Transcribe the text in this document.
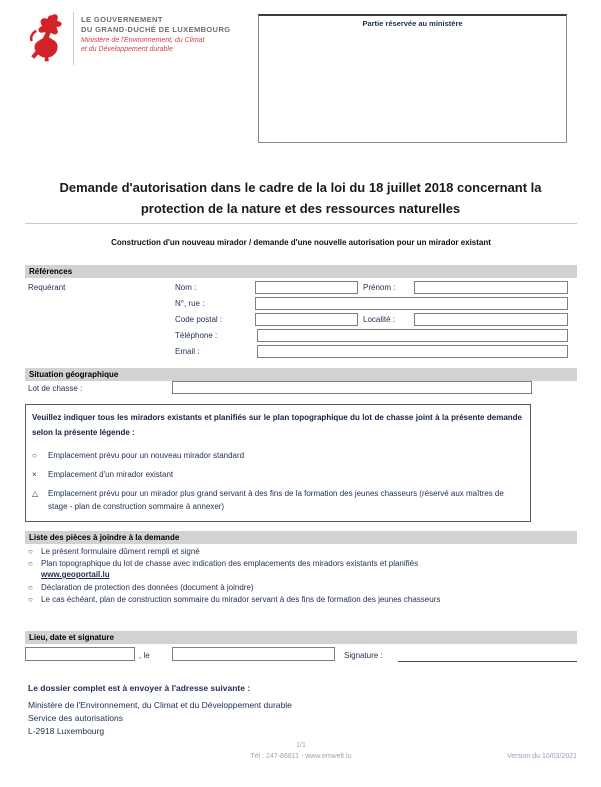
LE GOUVERNEMENT
DU GRAND-DUCHÉ DE LUXEMBOURG
Ministère de l'Environnement, du Climat
et du Développement durable
Partie réservée au ministère
Demande d'autorisation dans le cadre de la loi du 18 juillet 2018 concernant la protection de la nature et des ressources naturelles
Construction d'un nouveau mirador / demande d'une nouvelle autorisation pour un mirador existant
Références
Requérant	Nom :	Prénom :
N°, rue :
Code postal :	Localité :
Téléphone :
Email :
Situation géographique
Lot de chasse :

Veuillez indiquer tous les miradors existants et planifiés sur le plan topographique du lot de chasse joint à la présente demande selon la présente légende :

○	Emplacement prévu pour un nouveau mirador standard
×	Emplacement d'un mirador existant
△	Emplacement prévu pour un mirador plus grand servant à des fins de la formation des jeunes chasseurs (réservé aux maîtres de stage - plan de construction sommaire à annexer)
Liste des pièces à joindre à la demande
○	Le présent formulaire dûment rempli et signé
○	Plan topographique du lot de chasse avec indication des emplacements des miradors existants et planifiés
www.geoportail.lu
○	Déclaration de protection des données (document à joindre)
○	Le cas échéant, plan de construction sommaire du mirador servant à des fins de formation des jeunes chasseurs
Lieu, date et signature
, le	Signature :
Le dossier complet est à envoyer à l'adresse suivante :
Ministère de l'Environnement, du Climat et du Développement durable
Service des autorisations
L-2918 Luxembourg
1/1
Tél : 247-86811 - www.emwelt.lu	Version du 10/03/2021
